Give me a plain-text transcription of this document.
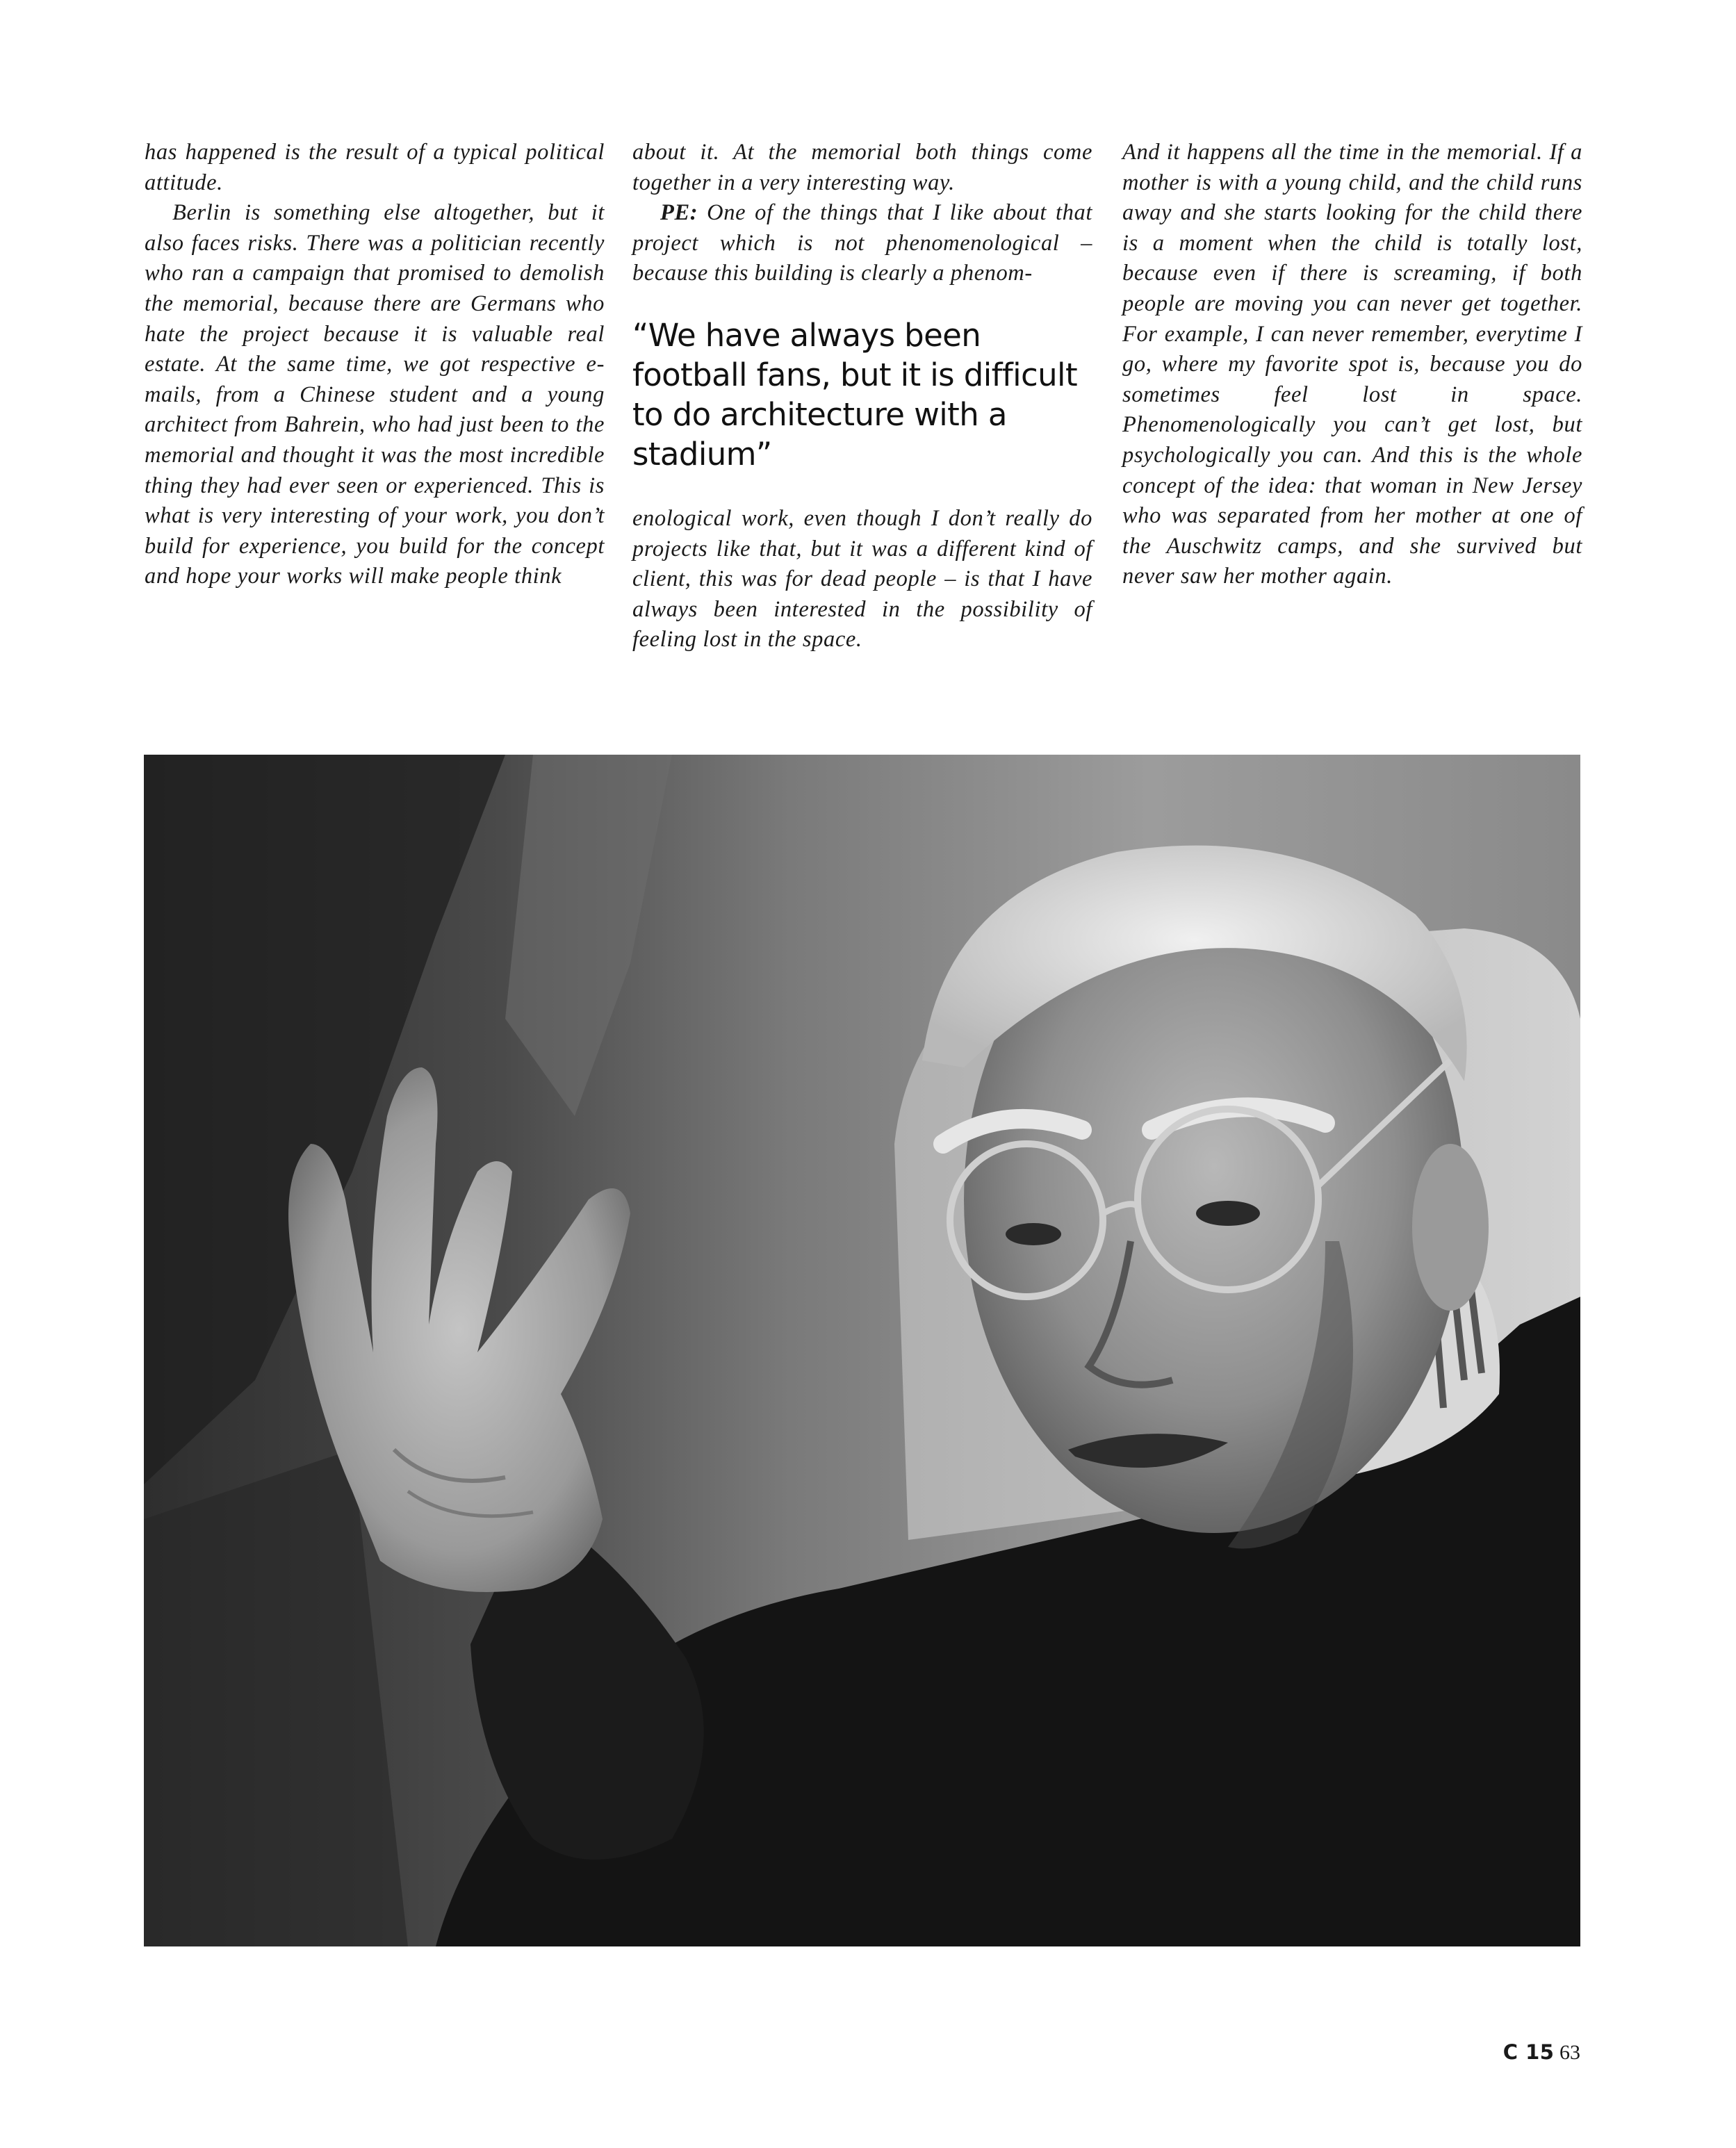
has happened is the result of a typical political attitude.

Berlin is something else altogether, but it also faces risks. There was a politician recently who ran a campaign that promised to demolish the memorial, because there are Germans who hate the project because it is valuable real estate. At the same time, we got respective e-mails, from a Chinese student and a young architect from Bahrein, who had just been to the memorial and thought it was the most incredible thing they had ever seen or experienced. This is what is very interesting of your work, you don’t build for experience, you build for the concept and hope your works will make people think

about it. At the memorial both things come together in a very interesting way.

PE: One of the things that I like about that project which is not phenomenological – because this building is clearly a phenom-

“We have always been football fans, but it is difficult to do architecture with a stadium”

enological work, even though I don’t really do projects like that, but it was a different kind of client, this was for dead people – is that I have always been interested in the possibility of feeling lost in the space.

And it happens all the time in the memorial. If a mother is with a young child, and the child runs away and she starts looking for the child there is a moment when the child is totally lost, because even if there is screaming, if both people are moving you can never get together. For example, I can never remember, everytime I go, where my favorite spot is, because you do sometimes feel lost in space. Phenomenologically you can’t get lost, but psychologically you can. And this is the whole concept of the idea: that woman in New Jersey who was separated from her mother at one of the Auschwitz camps, and she survived but never saw her mother again.

C 15 63
